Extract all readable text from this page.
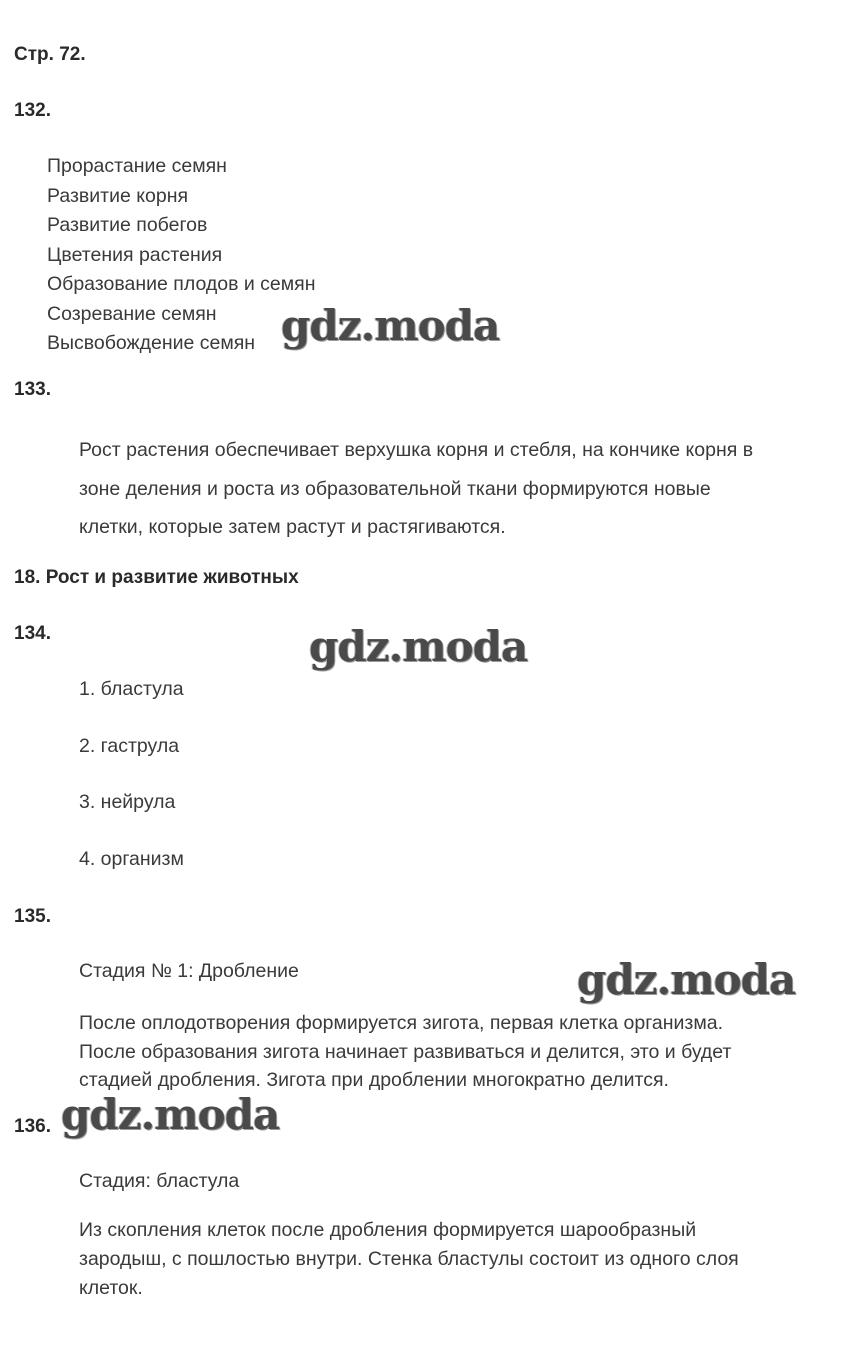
Стр. 72.
132.
Прорастание семян
Развитие корня
Развитие побегов
Цветения растения
Образование плодов и семян
Созревание семян
Высвобождение семян
133.
Рост растения обеспечивает верхушка корня и стебля, на кончике корня в
зоне деления и роста из образовательной ткани формируются новые
клетки, которые затем растут и растягиваются.
18. Рост и развитие животных
134.
1. бластула
2. гаструла
3. нейрула
4. организм
135.
Стадия № 1: Дробление
После оплодотворения формируется зигота, первая клетка организма.
После образования зигота начинает развиваться и делится, это и будет
стадией дробления. Зигота при дроблении многократно делится.
136.
Стадия: бластула
Из скопления клеток после дробления формируется шарообразный
зародыш, с пошлостью внутри. Стенка бластулы состоит из одного слоя
клеток.
gdz.moda
gdz.moda
gdz.moda
gdz.moda
